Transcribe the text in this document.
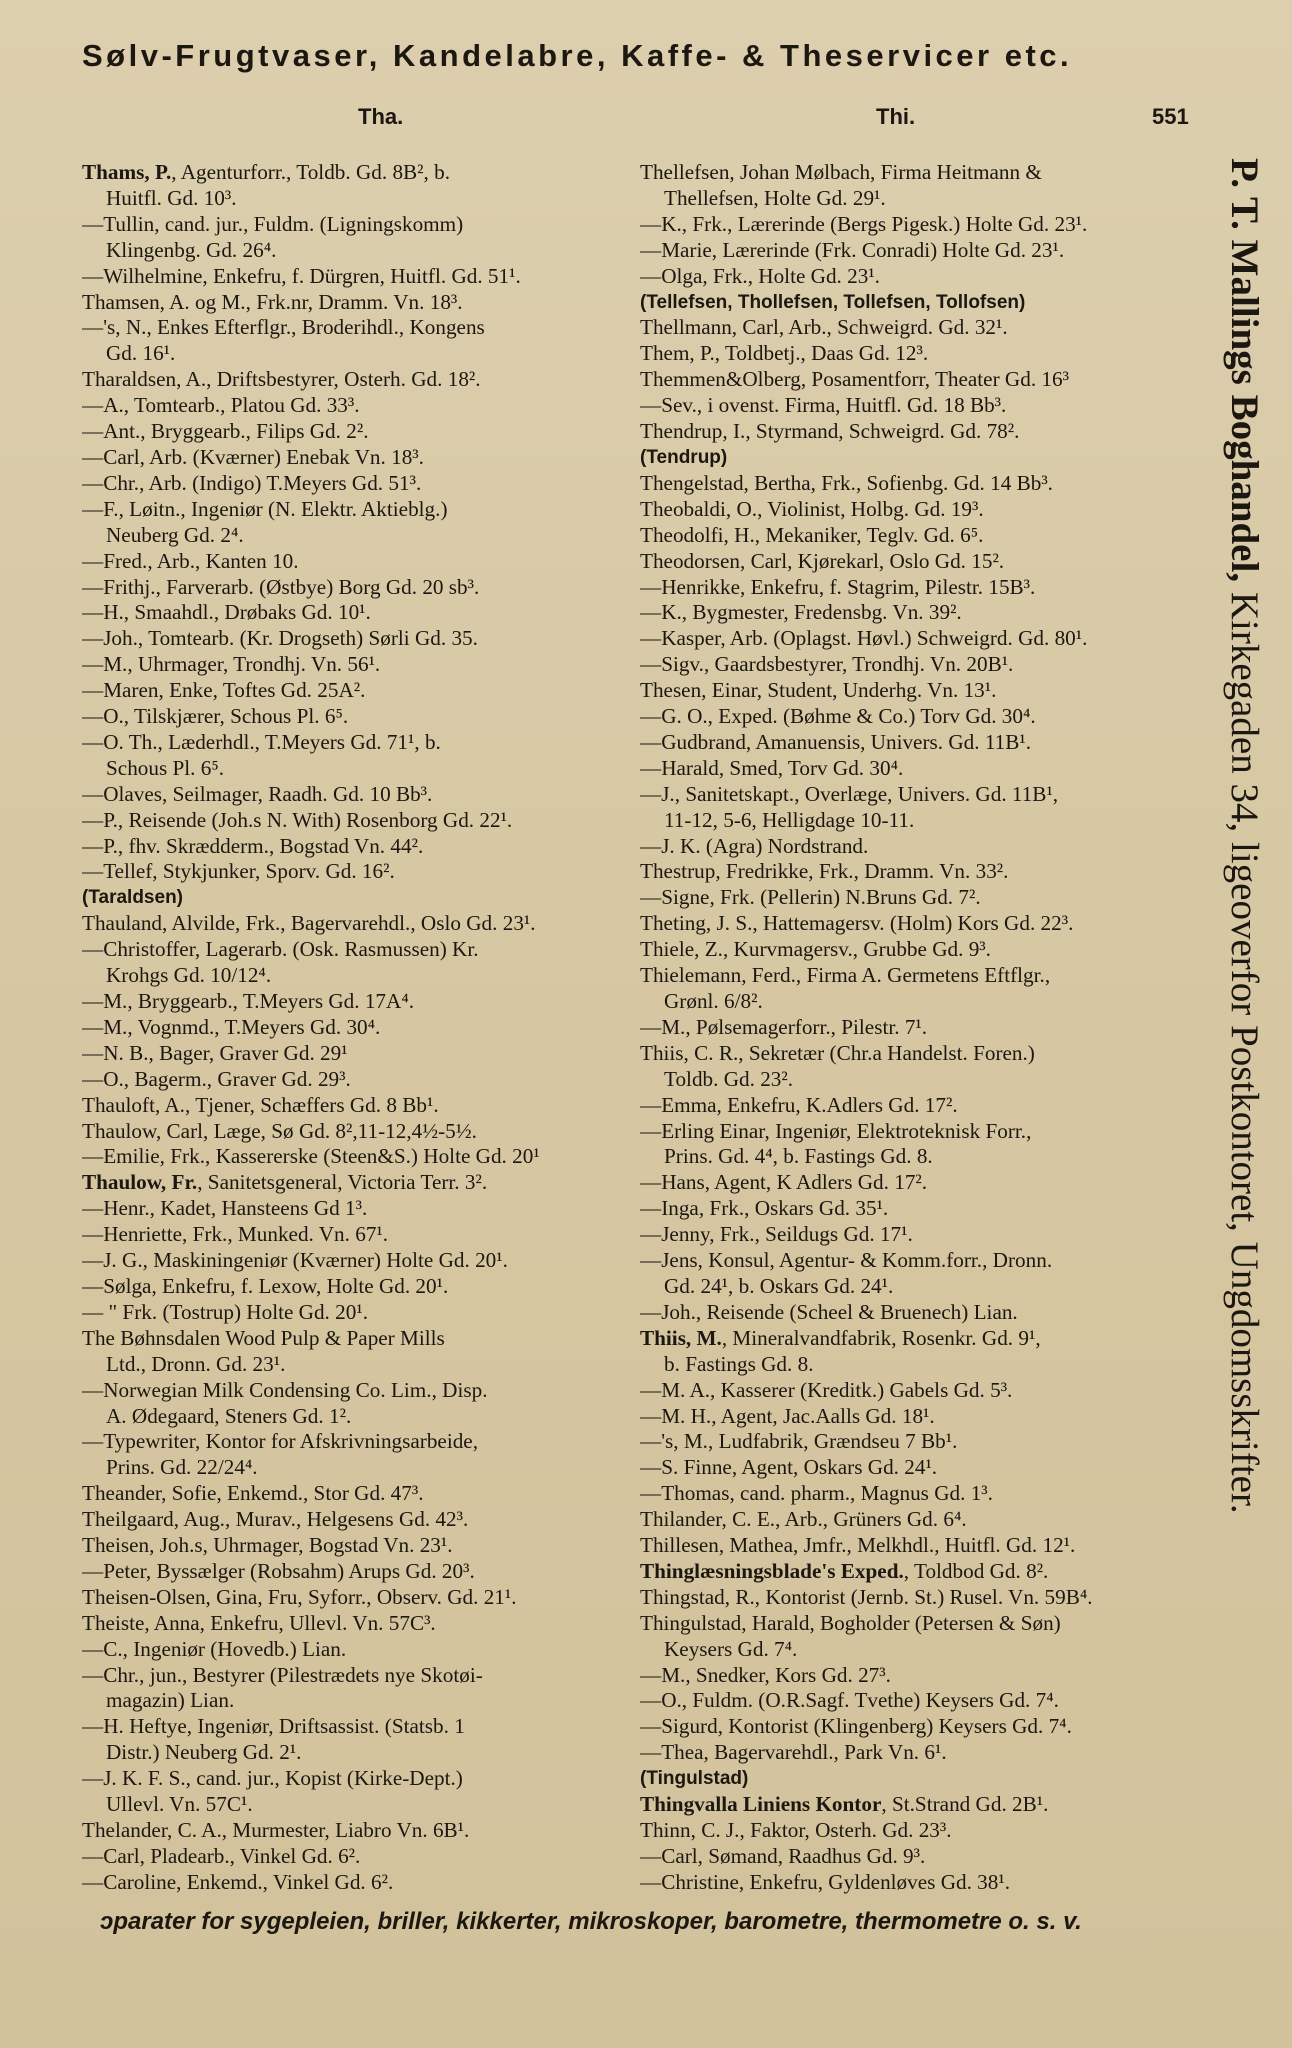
Sølv-Frugtvaser, Kandelabre, Kaffe- & Theservicer etc.
Tha.	Thi.	551
Thams, P., Agenturforr., Toldb. Gd. 8B², b.
Huitfl. Gd. 10³.
—Tullin, cand. jur., Fuldm. (Ligningskomm)
Klingenbg. Gd. 26⁴.
—Wilhelmine, Enkefru, f. Dürgren, Huitfl. Gd. 51¹.
Thamsen, A. og M., Frk.nr, Dramm. Vn. 18³.
—'s, N., Enkes Efterflgr., Broderihdl., Kongens
Gd. 16¹.
Tharaldsen, A., Driftsbestyrer, Osterh. Gd. 18².
—A., Tomtearb., Platou Gd. 33³.
—Ant., Bryggearb., Filips Gd. 2².
—Carl, Arb. (Kværner) Enebak Vn. 18³.
—Chr., Arb. (Indigo) T.Meyers Gd. 51³.
—F., Løitn., Ingeniør (N. Elektr. Aktieblg.)
Neuberg Gd. 2⁴.
—Fred., Arb., Kanten 10.
—Frithj., Farverarb. (Østbye) Borg Gd. 20 sb³.
—H., Smaahdl., Drøbaks Gd. 10¹.
—Joh., Tomtearb. (Kr. Drogseth) Sørli Gd. 35.
—M., Uhrmager, Trondhj. Vn. 56¹.
—Maren, Enke, Toftes Gd. 25A².
—O., Tilskjærer, Schous Pl. 6⁵.
—O. Th., Læderhdl., T.Meyers Gd. 71¹, b.
Schous Pl. 6⁵.
—Olaves, Seilmager, Raadh. Gd. 10 Bb³.
—P., Reisende (Joh.s N. With) Rosenborg Gd. 22¹.
—P., fhv. Skrædderm., Bogstad Vn. 44².
—Tellef, Stykjunker, Sporv. Gd. 16².
(Taraldsen)
Thauland, Alvilde, Frk., Bagervarehdl., Oslo Gd. 23¹.
—Christoffer, Lagerarb. (Osk. Rasmussen) Kr.
Krohgs Gd. 10/12⁴.
—M., Bryggearb., T.Meyers Gd. 17A⁴.
—M., Vognmd., T.Meyers Gd. 30⁴.
—N. B., Bager, Graver Gd. 29¹
—O., Bagerm., Graver Gd. 29³.
Thauloft, A., Tjener, Schæffers Gd. 8 Bb¹.
Thaulow, Carl, Læge, Sø Gd. 8²,11-12,4½-5½.
—Emilie, Frk., Kassererske (Steen&S.) Holte Gd. 20¹
Thaulow, Fr., Sanitetsgeneral, Victoria Terr. 3².
—Henr., Kadet, Hansteens Gd 1³.
—Henriette, Frk., Munked. Vn. 67¹.
—J. G., Maskiningeniør (Kværner) Holte Gd. 20¹.
—Sølga, Enkefru, f. Lexow, Holte Gd. 20¹.
— " Frk. (Tostrup) Holte Gd. 20¹.
The Bøhnsdalen Wood Pulp & Paper Mills
Ltd., Dronn. Gd. 23¹.
—Norwegian Milk Condensing Co. Lim., Disp.
A. Ødegaard, Steners Gd. 1².
—Typewriter, Kontor for Afskrivningsarbeide,
Prins. Gd. 22/24⁴.
Theander, Sofie, Enkemd., Stor Gd. 47³.
Theilgaard, Aug., Murav., Helgesens Gd. 42³.
Theisen, Joh.s, Uhrmager, Bogstad Vn. 23¹.
—Peter, Byssælger (Robsahm) Arups Gd. 20³.
Theisen-Olsen, Gina, Fru, Syforr., Observ. Gd. 21¹.
Theiste, Anna, Enkefru, Ullevl. Vn. 57C³.
—C., Ingeniør (Hovedb.) Lian.
—Chr., jun., Bestyrer (Pilestrædets nye Skotøi-
magazin) Lian.
—H. Heftye, Ingeniør, Driftsassist. (Statsb. 1
Distr.) Neuberg Gd. 2¹.
—J. K. F. S., cand. jur., Kopist (Kirke-Dept.)
Ullevl. Vn. 57C¹.
Thelander, C. A., Murmester, Liabro Vn. 6B¹.
—Carl, Pladearb., Vinkel Gd. 6².
—Caroline, Enkemd., Vinkel Gd. 6².
Thellefsen, Johan Mølbach, Firma Heitmann &
Thellefsen, Holte Gd. 29¹.
—K., Frk., Lærerinde (Bergs Pigesk.) Holte Gd. 23¹.
—Marie, Lærerinde (Frk. Conradi) Holte Gd. 23¹.
—Olga, Frk., Holte Gd. 23¹.
(Tellefsen, Thollefsen, Tollefsen, Tollofsen)
Thellmann, Carl, Arb., Schweigrd. Gd. 32¹.
Them, P., Toldbetj., Daas Gd. 12³.
Themmen&Olberg, Posamentforr, Theater Gd. 16³
—Sev., i ovenst. Firma, Huitfl. Gd. 18 Bb³.
Thendrup, I., Styrmand, Schweigrd. Gd. 78².
(Tendrup)
Thengelstad, Bertha, Frk., Sofienbg. Gd. 14 Bb³.
Theobaldi, O., Violinist, Holbg. Gd. 19³.
Theodolfi, H., Mekaniker, Teglv. Gd. 6⁵.
Theodorsen, Carl, Kjørekarl, Oslo Gd. 15².
—Henrikke, Enkefru, f. Stagrim, Pilestr. 15B³.
—K., Bygmester, Fredensbg. Vn. 39².
—Kasper, Arb. (Oplagst. Høvl.) Schweigrd. Gd. 80¹.
—Sigv., Gaardsbestyrer, Trondhj. Vn. 20B¹.
Thesen, Einar, Student, Underhg. Vn. 13¹.
—G. O., Exped. (Bøhme & Co.) Torv Gd. 30⁴.
—Gudbrand, Amanuensis, Univers. Gd. 11B¹.
—Harald, Smed, Torv Gd. 30⁴.
—J., Sanitetskapt., Overlæge, Univers. Gd. 11B¹,
11-12, 5-6, Helligdage 10-11.
—J. K. (Agra) Nordstrand.
Thestrup, Fredrikke, Frk., Dramm. Vn. 33².
—Signe, Frk. (Pellerin) N.Bruns Gd. 7².
Theting, J. S., Hattemagersv. (Holm) Kors Gd. 22³.
Thiele, Z., Kurvmagersv., Grubbe Gd. 9³.
Thielemann, Ferd., Firma A. Germetens Eftflgr.,
Grønl. 6/8².
—M., Pølsemagerforr., Pilestr. 7¹.
Thiis, C. R., Sekretær (Chr.a Handelst. Foren.)
Toldb. Gd. 23².
—Emma, Enkefru, K.Adlers Gd. 17².
—Erling Einar, Ingeniør, Elektroteknisk Forr.,
Prins. Gd. 4⁴, b. Fastings Gd. 8.
—Hans, Agent, K Adlers Gd. 17².
—Inga, Frk., Oskars Gd. 35¹.
—Jenny, Frk., Seildugs Gd. 17¹.
—Jens, Konsul, Agentur- & Komm.forr., Dronn.
Gd. 24¹, b. Oskars Gd. 24¹.
—Joh., Reisende (Scheel & Bruenech) Lian.
Thiis, M., Mineralvandfabrik, Rosenkr. Gd. 9¹,
b. Fastings Gd. 8.
—M. A., Kasserer (Kreditk.) Gabels Gd. 5³.
—M. H., Agent, Jac.Aalls Gd. 18¹.
—'s, M., Ludfabrik, Grændseu 7 Bb¹.
—S. Finne, Agent, Oskars Gd. 24¹.
—Thomas, cand. pharm., Magnus Gd. 1³.
Thilander, C. E., Arb., Grüners Gd. 6⁴.
Thillesen, Mathea, Jmfr., Melkhdl., Huitfl. Gd. 12¹.
Thinglæsningsblade's Exped., Toldbod Gd. 8².
Thingstad, R., Kontorist (Jernb. St.) Rusel. Vn. 59B⁴.
Thingulstad, Harald, Bogholder (Petersen & Søn)
Keysers Gd. 7⁴.
—M., Snedker, Kors Gd. 27³.
—O., Fuldm. (O.R.Sagf. Tvethe) Keysers Gd. 7⁴.
—Sigurd, Kontorist (Klingenberg) Keysers Gd. 7⁴.
—Thea, Bagervarehdl., Park Vn. 6¹.
(Tingulstad)
Thingvalla Liniens Kontor, St.Strand Gd. 2B¹.
Thinn, C. J., Faktor, Osterh. Gd. 23³.
—Carl, Sømand, Raadhus Gd. 9³.
—Christine, Enkefru, Gyldenløves Gd. 38¹.
P. T. Mallings Boghandel, Kirkegaden 34, ligeoverfor Postkontoret, Ungdomsskrifter.
ɔparater for sygepleien, briller, kikkerter, mikroskoper, barometre, thermometre o. s. v.
